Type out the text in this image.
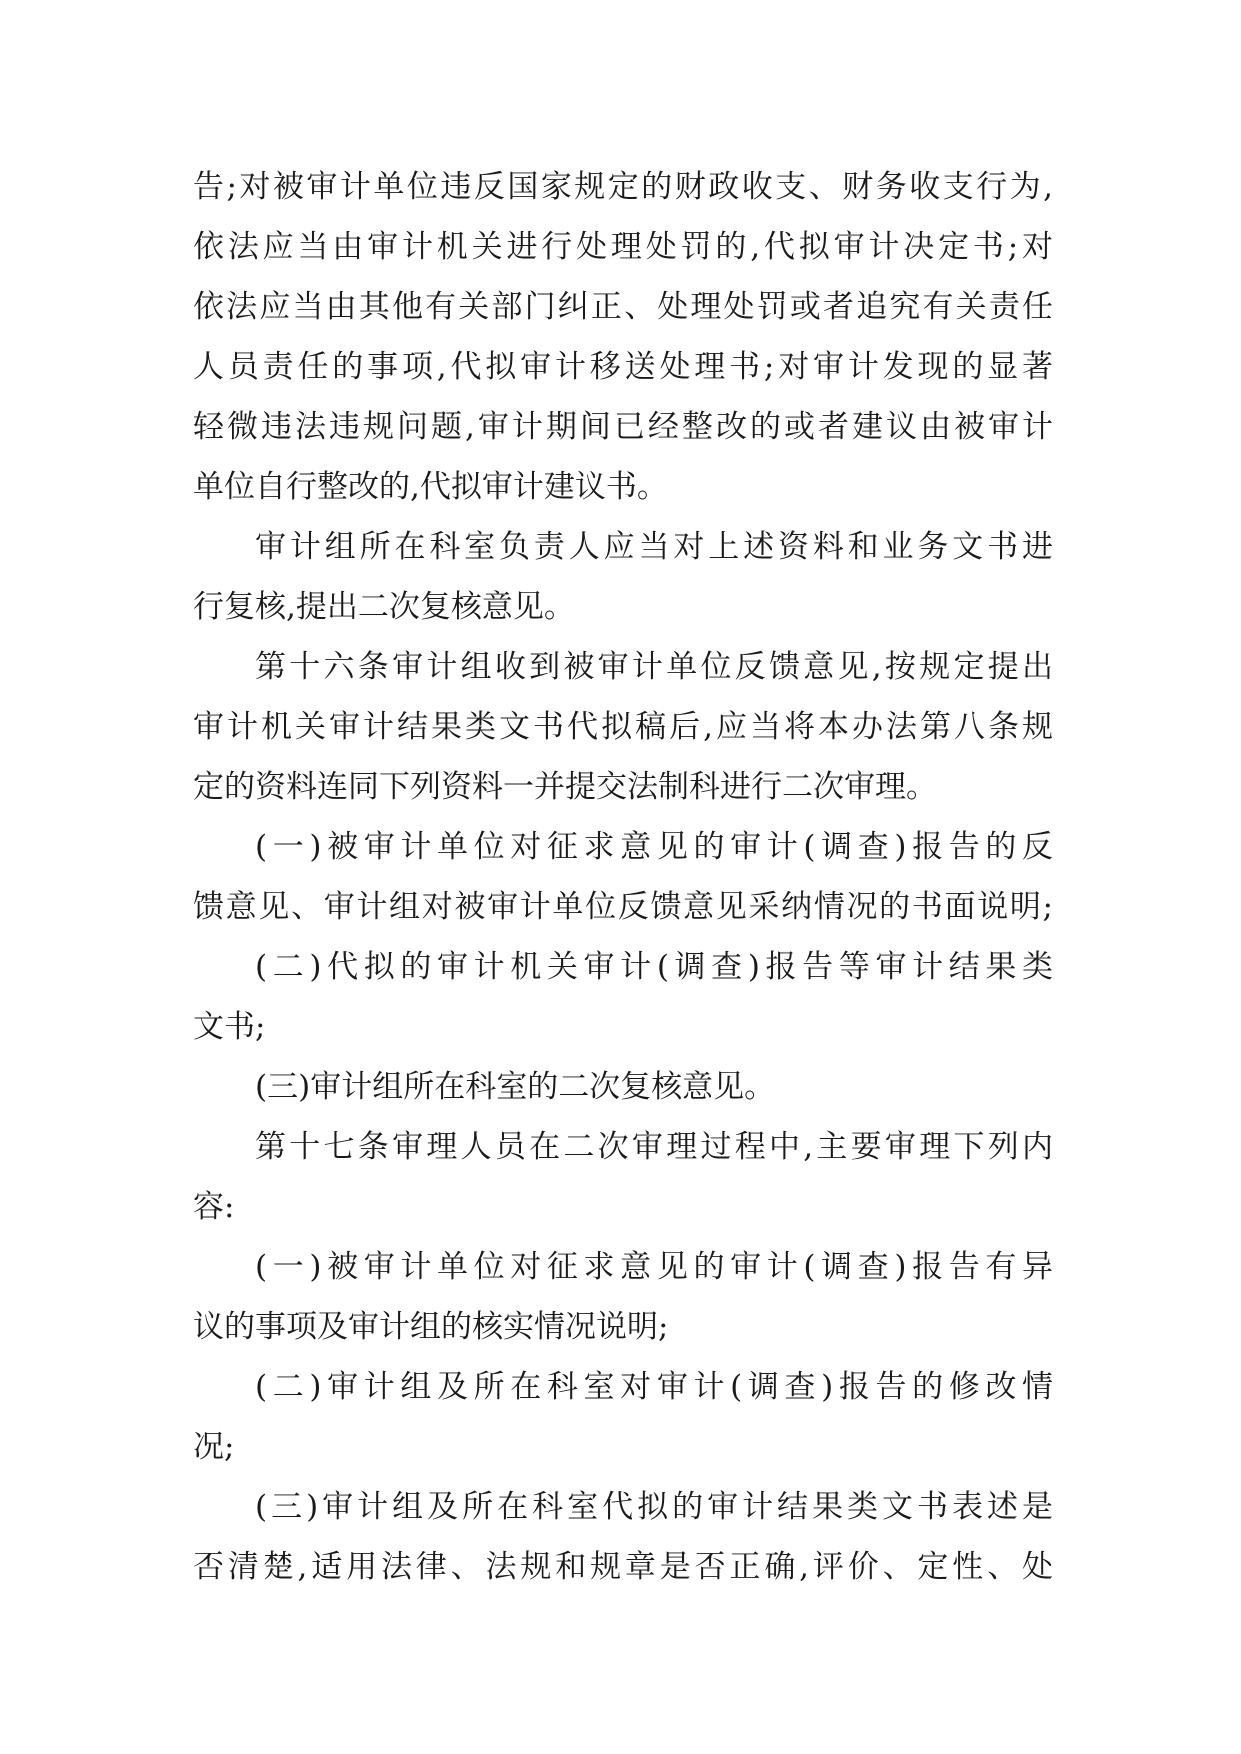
告;对被审计单位违反国家规定的财政收支、财务收支行为,
依法应当由审计机关进行处理处罚的,代拟审计决定书;对
依法应当由其他有关部门纠正、处理处罚或者追究有关责任
人员责任的事项,代拟审计移送处理书;对审计发现的显著
轻微违法违规问题,审计期间已经整改的或者建议由被审计
单位自行整改的,代拟审计建议书。
审计组所在科室负责人应当对上述资料和业务文书进
行复核,提出二次复核意见。
第十六条审计组收到被审计单位反馈意见,按规定提出
审计机关审计结果类文书代拟稿后,应当将本办法第八条规
定的资料连同下列资料一并提交法制科进行二次审理。
(一)被审计单位对征求意见的审计(调查)报告的反
馈意见、审计组对被审计单位反馈意见采纳情况的书面说明;
(二)代拟的审计机关审计(调查)报告等审计结果类
文书;
(三)审计组所在科室的二次复核意见。
第十七条审理人员在二次审理过程中,主要审理下列内
容:
(一)被审计单位对征求意见的审计(调查)报告有异
议的事项及审计组的核实情况说明;
(二)审计组及所在科室对审计(调查)报告的修改情
况;
(三)审计组及所在科室代拟的审计结果类文书表述是
否清楚,适用法律、法规和规章是否正确,评价、定性、处
